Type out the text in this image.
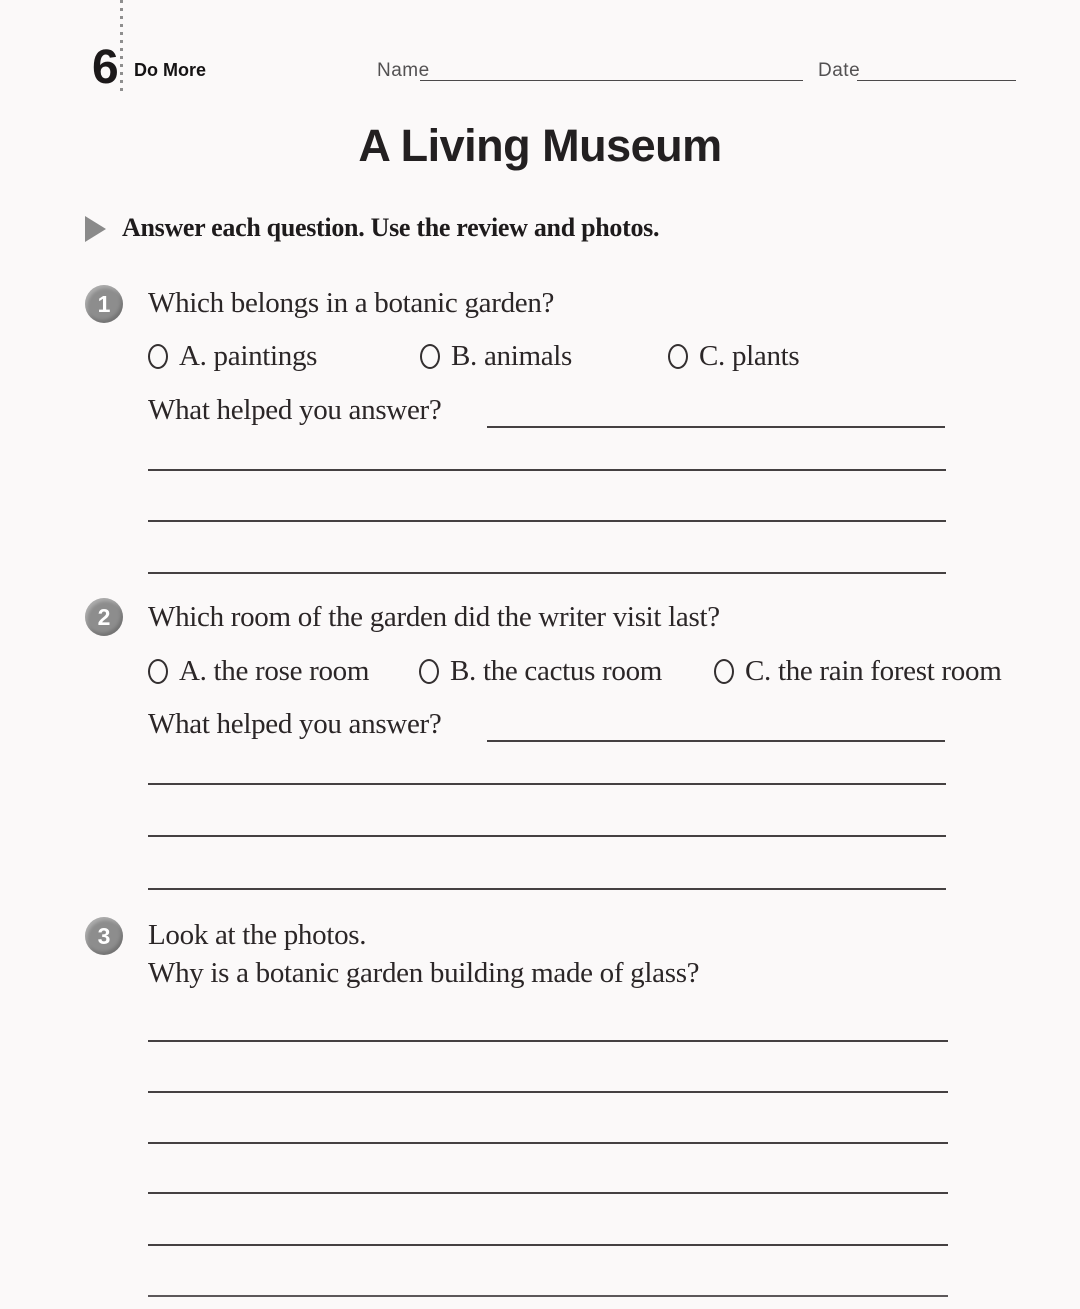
6 Do More	Name	Date
A Living Museum
Answer each question. Use the review and photos.
1	Which belongs in a botanic garden?
A. paintings	B. animals	C. plants
What helped you answer?
2	Which room of the garden did the writer visit last?
A. the rose room	B. the cactus room	C. the rain forest room
What helped you answer?
3	Look at the photos.
Why is a botanic garden building made of glass?
